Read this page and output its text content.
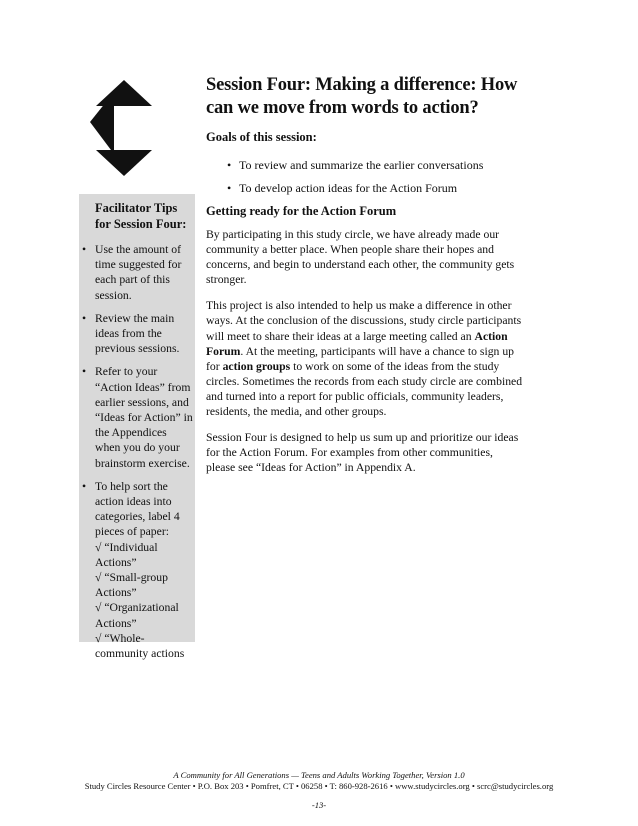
Session Four: Making a difference: How can we move from words to action?
Goals of this session:
• To review and summarize the earlier conversations
• To develop action ideas for the Action Forum
Getting ready for the Action Forum

By participating in this study circle, we have already made our community a better place. When people share their hopes and concerns, and begin to understand each other, the community gets stronger.

This project is also intended to help us make a difference in other ways. At the conclusion of the discussions, study circle participants will meet to share their ideas at a large meeting called an Action Forum. At the meeting, participants will have a chance to sign up for action groups to work on some of the ideas from the study circles. Sometimes the records from each study circle are combined and turned into a report for public officials, community leaders, residents, the media, and other groups.

Session Four is designed to help us sum up and prioritize our ideas for the Action Forum. For examples from other communities, please see “Ideas for Action” in Appendix A.

Facilitator Tips for Session Four:
• Use the amount of time suggested for each part of this session.
• Review the main ideas from the previous sessions.
• Refer to your “Action Ideas” from earlier sessions, and “Ideas for Action” in the Appendices when you do your brainstorm exercise.
• To help sort the action ideas into categories, label 4 pieces of paper:
√ “Individual Actions”
√ “Small-group Actions”
√ “Organizational Actions”
√ “Whole-community actions
A Community for All Generations — Teens and Adults Working Together, Version 1.0
Study Circles Resource Center • P.O. Box 203 • Pomfret, CT • 06258 • T: 860-928-2616 • www.studycircles.org • scrc@studycircles.org
-13-
